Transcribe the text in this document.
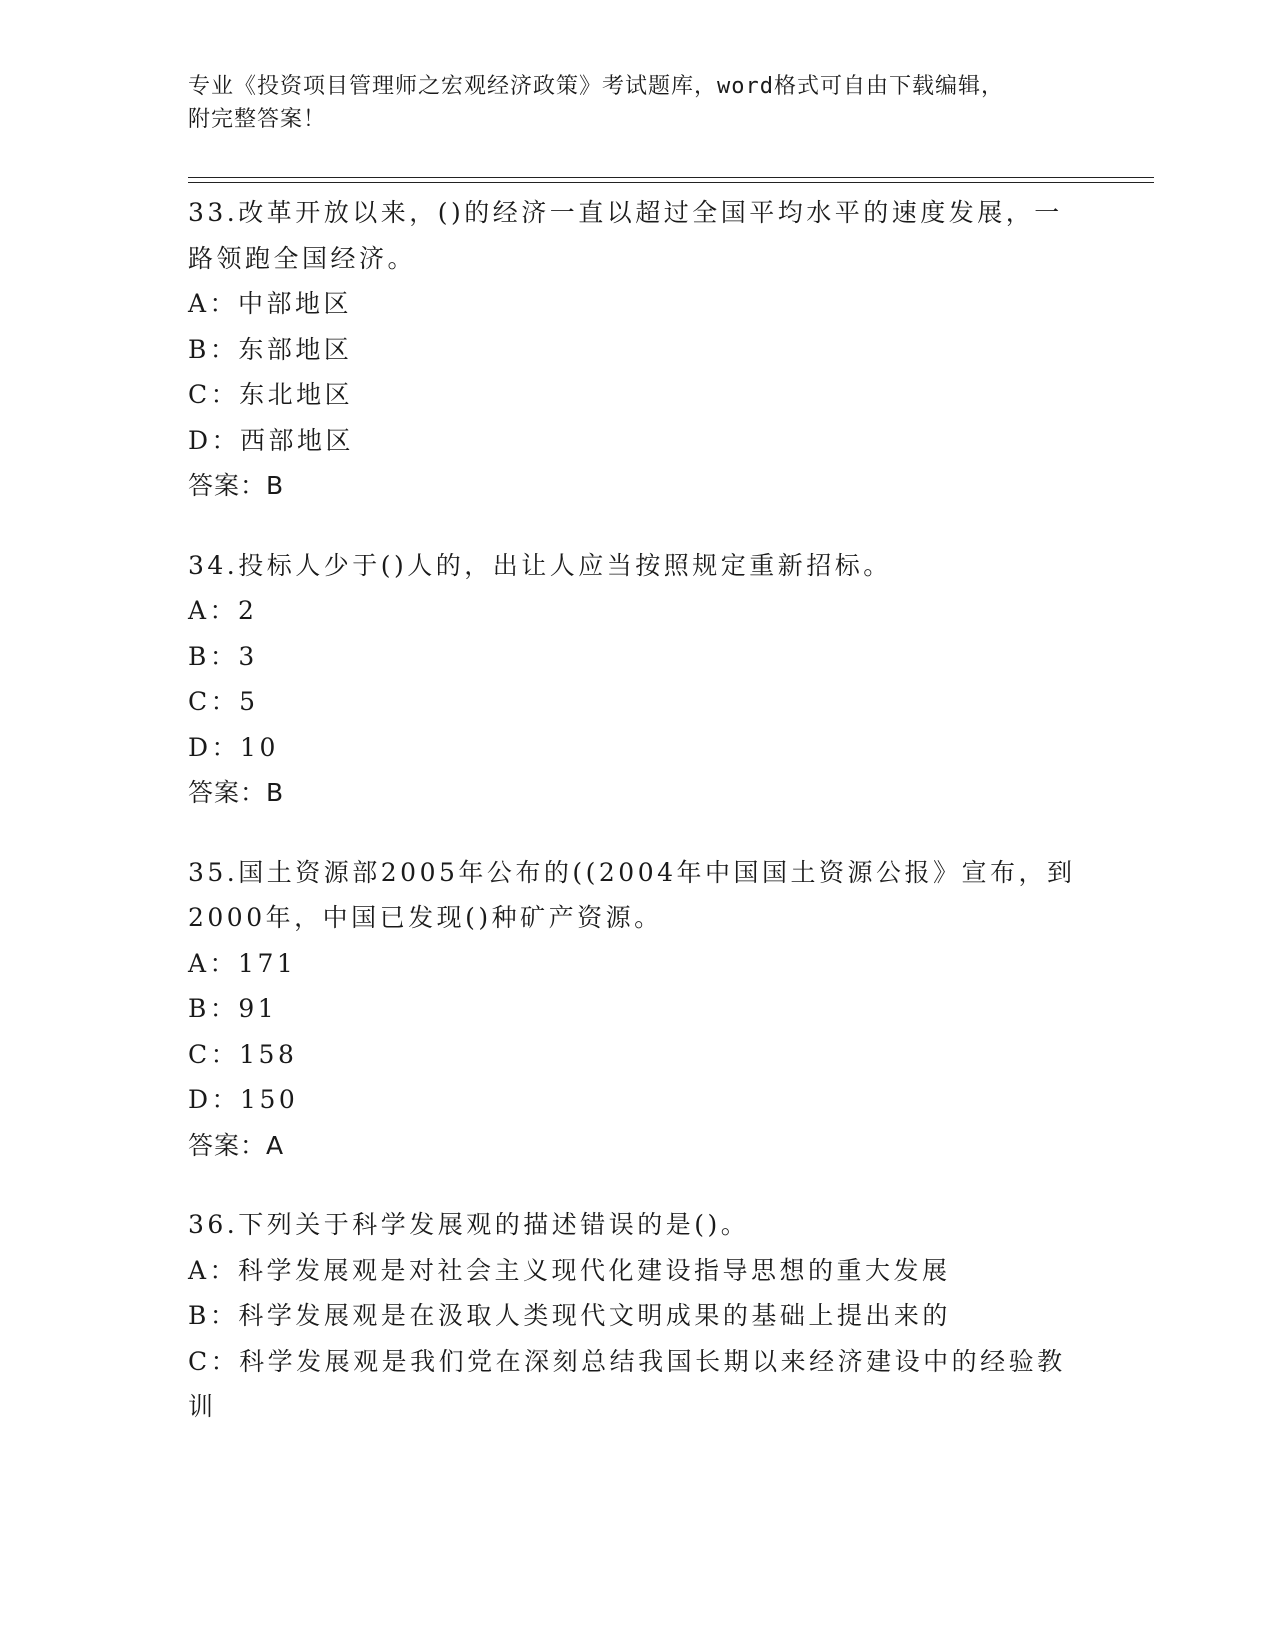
专业《投资项目管理师之宏观经济政策》考试题库，word格式可自由下载编辑，

附完整答案！

33.改革开放以来，()的经济一直以超过全国平均水平的速度发展，一

路领跑全国经济。

A：中部地区

B：东部地区

C：东北地区

D：西部地区

答案：B

34.投标人少于()人的，出让人应当按照规定重新招标。

A：2

B：3

C：5

D：10

答案：B

35.国土资源部2005年公布的((2004年中国国土资源公报》宣布，到

2000年，中国已发现()种矿产资源。

A：171

B：91

C：158

D：150

答案：A

36.下列关于科学发展观的描述错误的是()。

A：科学发展观是对社会主义现代化建设指导思想的重大发展

B：科学发展观是在汲取人类现代文明成果的基础上提出来的

C：科学发展观是我们党在深刻总结我国长期以来经济建设中的经验教

训
